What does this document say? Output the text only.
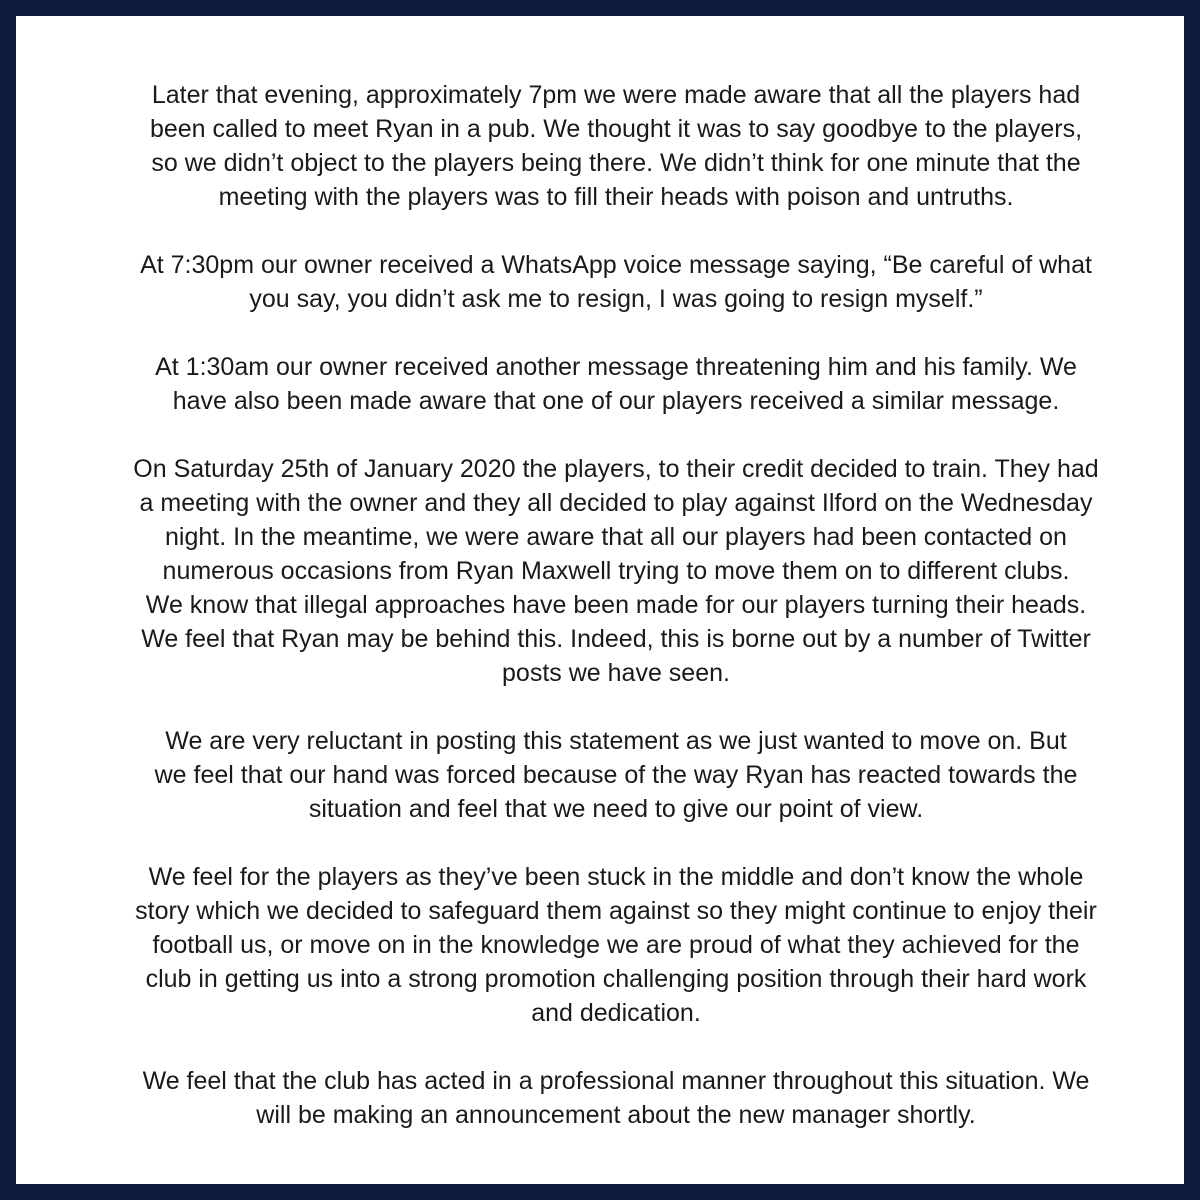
Later that evening, approximately 7pm we were made aware that all the players had
been called to meet Ryan in a pub. We thought it was to say goodbye to the players,
so we didn’t object to the players being there. We didn’t think for one minute that the
meeting with the players was to fill their heads with poison and untruths.

At 7:30pm our owner received a WhatsApp voice message saying, “Be careful of what
you say, you didn’t ask me to resign, I was going to resign myself.”

At 1:30am our owner received another message threatening him and his family. We
have also been made aware that one of our players received a similar message.

On Saturday 25th of January 2020 the players, to their credit decided to train. They had
a meeting with the owner and they all decided to play against Ilford on the Wednesday
night. In the meantime, we were aware that all our players had been contacted on
numerous occasions from Ryan Maxwell trying to move them on to different clubs.
We know that illegal approaches have been made for our players turning their heads.
We feel that Ryan may be behind this. Indeed, this is borne out by a number of Twitter
posts we have seen.

We are very reluctant in posting this statement as we just wanted to move on. But
we feel that our hand was forced because of the way Ryan has reacted towards the
situation and feel that we need to give our point of view.

We feel for the players as they’ve been stuck in the middle and don’t know the whole
story which we decided to safeguard them against so they might continue to enjoy their
football us, or move on in the knowledge we are proud of what they achieved for the
club in getting us into a strong promotion challenging position through their hard work
and dedication.

We feel that the club has acted in a professional manner throughout this situation. We
will be making an announcement about the new manager shortly.
